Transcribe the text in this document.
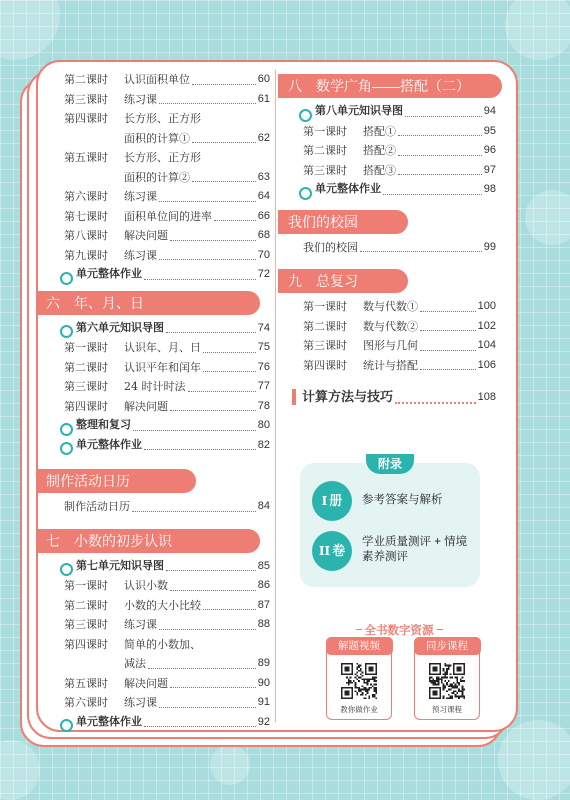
第二课时	认识面积单位	60
第三课时	练习课	61
第四课时	长方形、正方形
面积的计算①	62
第五课时	长方形、正方形
面积的计算②	63
第六课时	练习课	64
第七课时	面积单位间的进率	66
第八课时	解决问题	68
第九课时	练习课	70
单元整体作业	72
六　年、月、日
第六单元知识导图	74
第一课时	认识年、月、日	75
第二课时	认识平年和闰年	76
第三课时	24 时计时法	77
第四课时	解决问题	78
整理和复习	80
单元整体作业	82
制作活动日历
制作活动日历	84
七　小数的初步认识
第七单元知识导图	85
第一课时	认识小数	86
第二课时	小数的大小比较	87
第三课时	练习课	88
第四课时	简单的小数加、
减法	89
第五课时	解决问题	90
第六课时	练习课	91
单元整体作业	92
八　数学广角——搭配（二）
第八单元知识导图	94
第一课时	搭配①	95
第二课时	搭配②	96
第三课时	搭配③	97
单元整体作业	98
我们的校园
我们的校园	99
九　总复习
第一课时	数与代数①	100
第二课时	数与代数②	102
第三课时	图形与几何	104
第四课时	统计与搭配	106
计算方法与技巧	108
附录
I 册	参考答案与解析
II 卷
学业质量测评 + 情境
素养测评
全书数字资源
解题视频
教你做作业
同步课程
预习课程
